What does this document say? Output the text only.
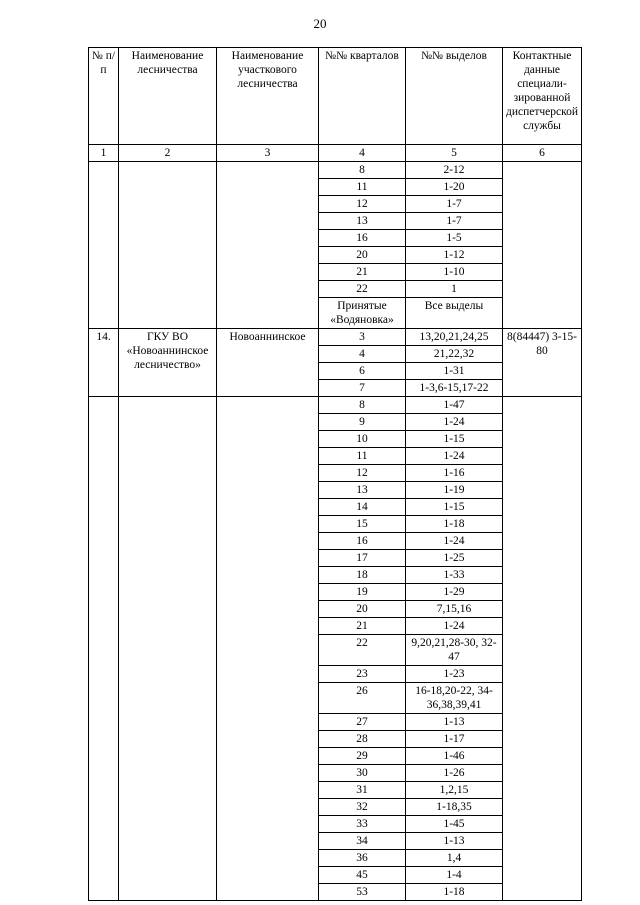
20
№ п/п	Наименование лесничества	Наименование участкового лесничества	№№ кварталов	№№ выделов	Контактные данные специали-зированной диспетчерской службы
1	2	3	4	5	6
			8	2-12	
			11	1-20	
			12	1-7	
			13	1-7	
			16	1-5	
			20	1-12	
			21	1-10	
			22	1	
			Принятые «Водяновка»	Все выделы	
14.	ГКУ ВО «Новоаннинское лесничество»	Новоаннинское	3	13,20,21,24,25	8(84447) 3-15-80
			4	21,22,32	
			6	1-31	
			7	1-3,6-15,17-22	
			8	1-47	
			9	1-24	
			10	1-15	
			11	1-24	
			12	1-16	
			13	1-19	
			14	1-15	
			15	1-18	
			16	1-24	
			17	1-25	
			18	1-33	
			19	1-29	
			20	7,15,16	
			21	1-24	
			22	9,20,21,28-30, 32-47	
			23	1-23	
			26	16-18,20-22, 34-36,38,39,41	
			27	1-13	
			28	1-17	
			29	1-46	
			30	1-26	
			31	1,2,15	
			32	1-18,35	
			33	1-45	
			34	1-13	
			36	1,4	
			45	1-4	
			53	1-18	
